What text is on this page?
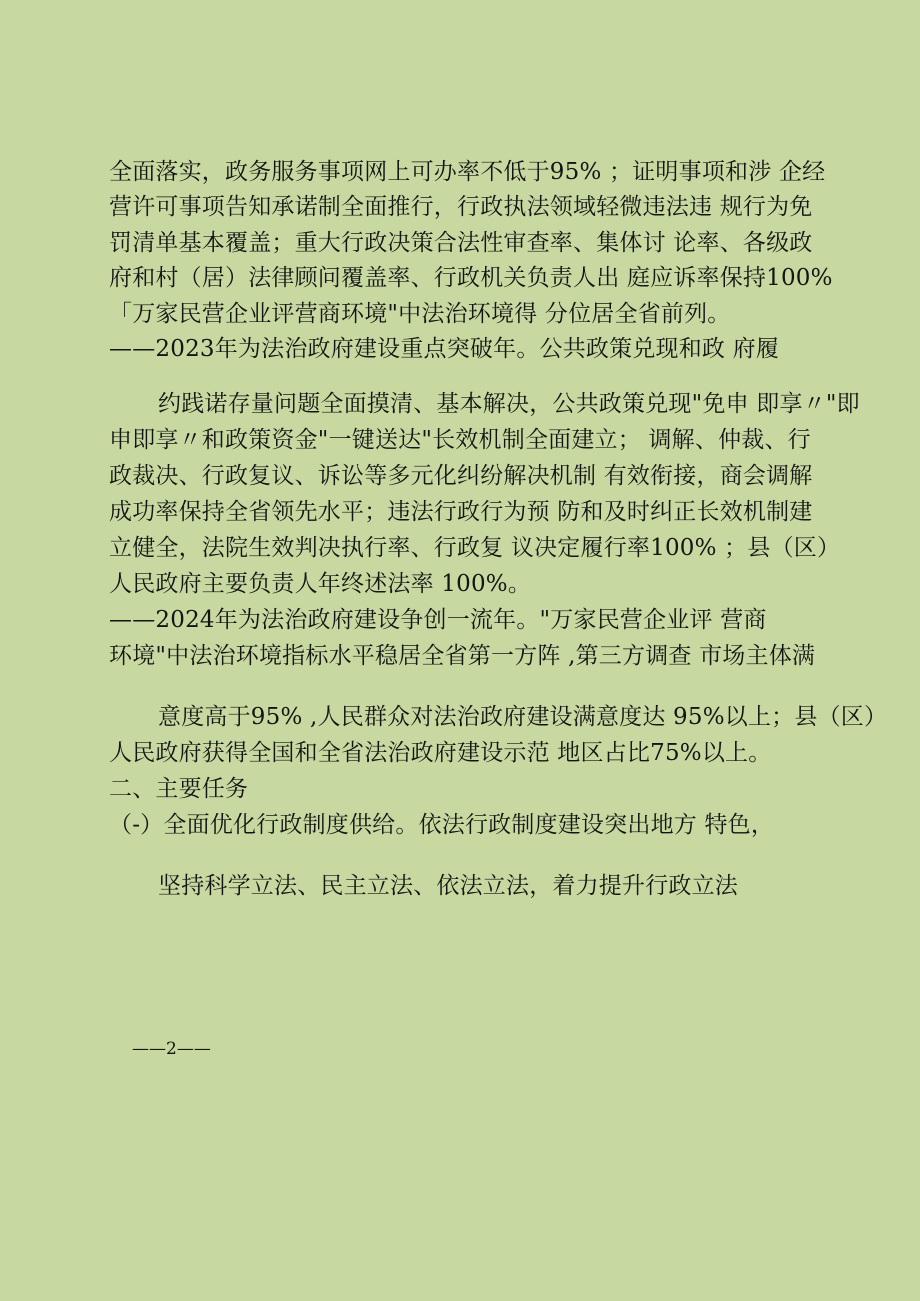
全面落实，政务服务事项网上可办率不低于95% ；证明事项和涉 企经
营许可事项告知承诺制全面推行，行政执法领域轻微违法违 规行为免
罚清单基本覆盖；重大行政决策合法性审查率、集体讨 论率、各级政
府和村（居）法律顾问覆盖率、行政机关负责人出 庭应诉率保持100%
「万家民营企业评营商环境"中法治环境得 分位居全省前列。
——2023年为法治政府建设重点突破年。公共政策兑现和政 府履
约践诺存量问题全面摸清、基本解决，公共政策兑现"免申 即享〃"即
申即享〃和政策资金"一键送达"长效机制全面建立； 调解、仲裁、行
政裁决、行政复议、诉讼等多元化纠纷解决机制 有效衔接，商会调解
成功率保持全省领先水平；违法行政行为预 防和及时纠正长效机制建
立健全，法院生效判决执行率、行政复 议决定履行率100% ；县（区）
人民政府主要负责人年终述法率 100%。
——2024年为法治政府建设争创一流年。"万家民营企业评 营商
环境"中法治环境指标水平稳居全省第一方阵 ,第三方调查 市场主体满
意度高于95% ,人民群众对法治政府建设满意度达 95%以上；县（区）
人民政府获得全国和全省法治政府建设示范 地区占比75%以上。
二、主要任务
（-）全面优化行政制度供给。依法行政制度建设突出地方 特色，
坚持科学立法、民主立法、依法立法，着力提升行政立法
——2——
